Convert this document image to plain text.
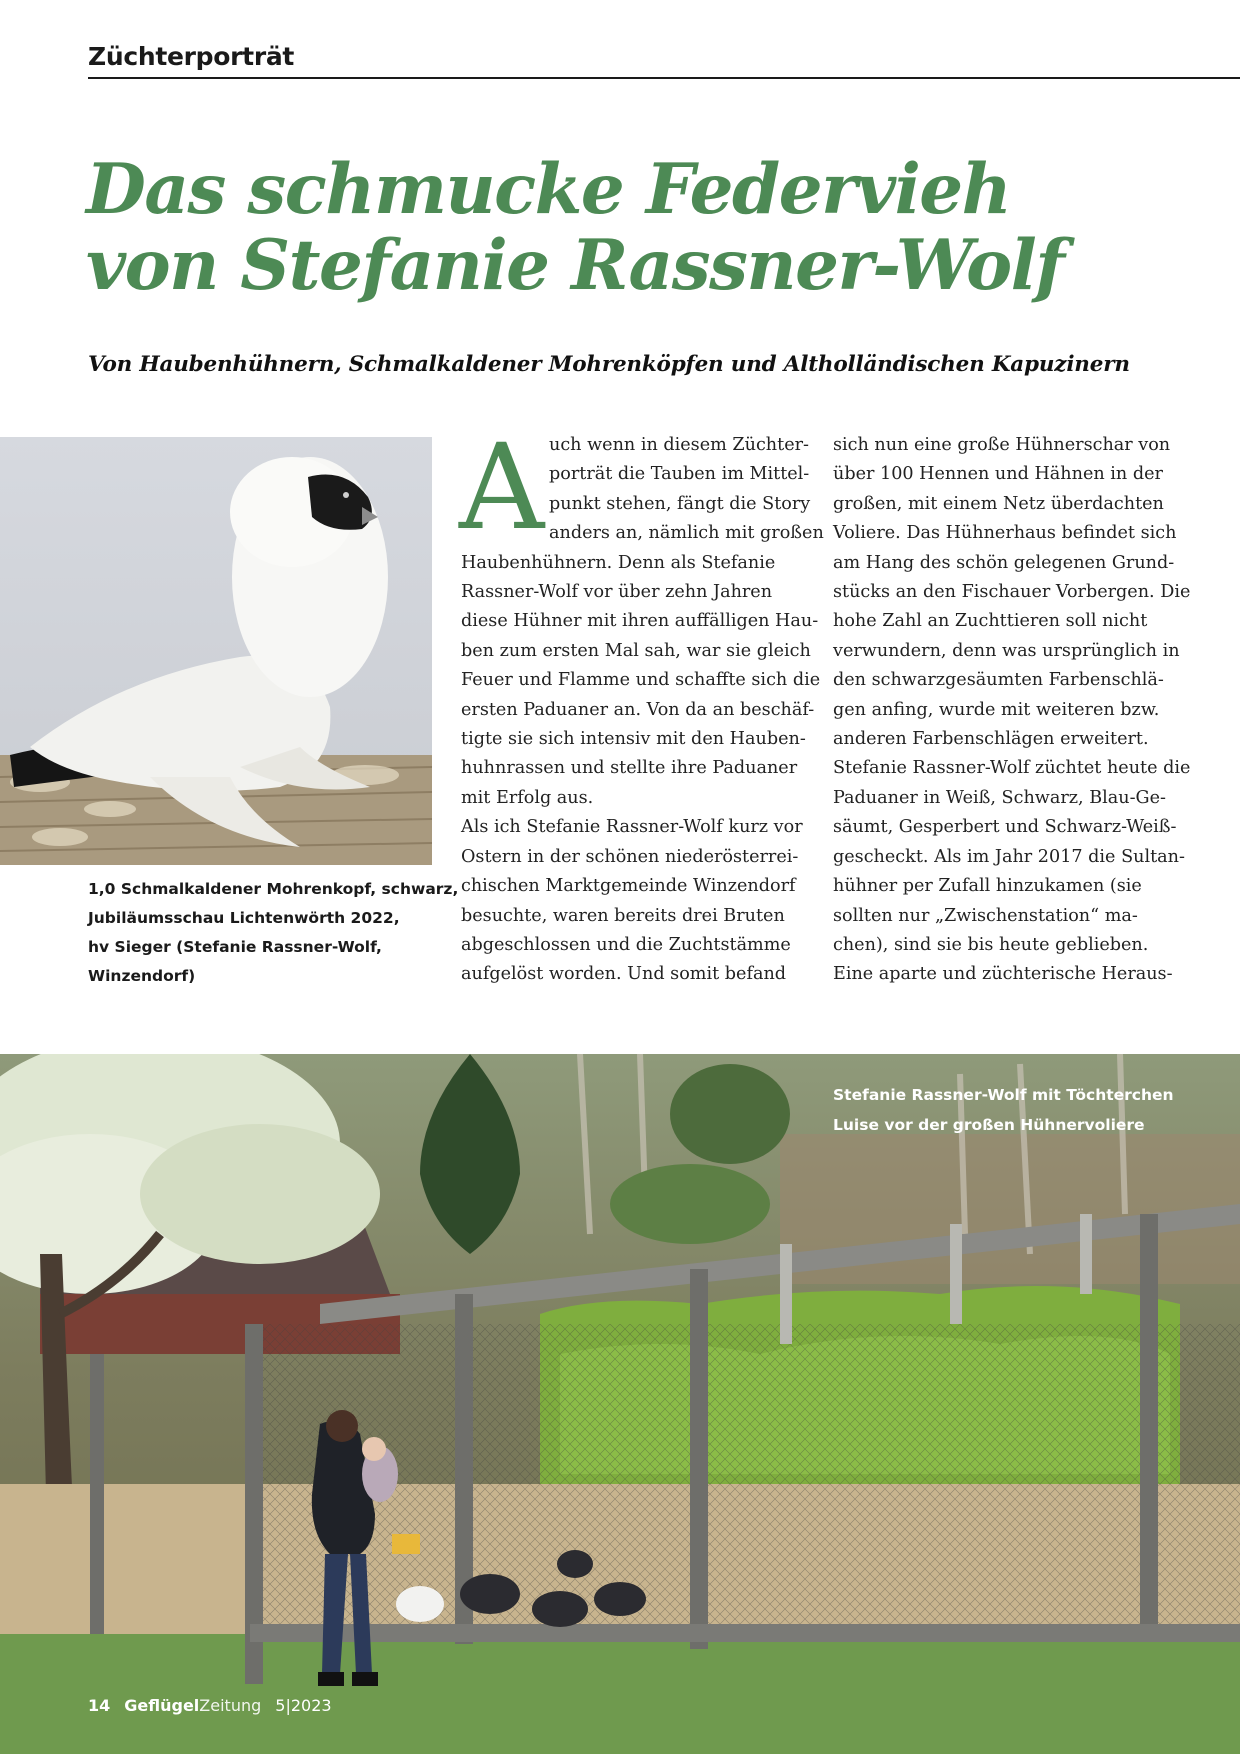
Züchterporträt
Das schmucke Federvieh
von Stefanie Rassner-Wolf
Von Haubenhühnern, Schmalkaldener Mohrenköpfen und Altholländischen Kapuzinern
1,0 Schmalkaldener Mohrenkopf, schwarz,
Jubiläumsschau Lichtenwörth 2022,
hv Sieger (Stefanie Rassner-Wolf,
Winzendorf)
A uch wenn in diesem Züchter-
porträt die Tauben im Mittel-
punkt stehen, fängt die Story
anders an, nämlich mit großen
Haubenhühnern. Denn als Stefanie
Rassner-Wolf vor über zehn Jahren
diese Hühner mit ihren auffälligen Hau-
ben zum ersten Mal sah, war sie gleich
Feuer und Flamme und schaffte sich die
ersten Paduaner an. Von da an beschäf-
tigte sie sich intensiv mit den Hauben-
huhnrassen und stellte ihre Paduaner
mit Erfolg aus.
Als ich Stefanie Rassner-Wolf kurz vor
Ostern in der schönen niederösterrei-
chischen Marktgemeinde Winzendorf
besuchte, waren bereits drei Bruten
abgeschlossen und die Zuchtstämme
aufgelöst worden. Und somit befand
sich nun eine große Hühnerschar von
über 100 Hennen und Hähnen in der
großen, mit einem Netz überdachten
Voliere. Das Hühnerhaus befindet sich
am Hang des schön gelegenen Grund-
stücks an den Fischauer Vorbergen. Die
hohe Zahl an Zuchttieren soll nicht
verwundern, denn was ursprünglich in
den schwarzgesäumten Farbenschlä-
gen anfing, wurde mit weiteren bzw.
anderen Farbenschlägen erweitert.
Stefanie Rassner-Wolf züchtet heute die
Paduaner in Weiß, Schwarz, Blau-Ge-
säumt, Gesperbert und Schwarz-Weiß-
gescheckt. Als im Jahr 2017 die Sultan-
hühner per Zufall hinzukamen (sie
sollten nur „Zwischenstation“ ma-
chen), sind sie bis heute geblieben.
Eine aparte und züchterische Heraus-
Stefanie Rassner-Wolf mit Töchterchen
Luise vor der großen Hühnervoliere
14 GeflügelZeitung 5|2023
